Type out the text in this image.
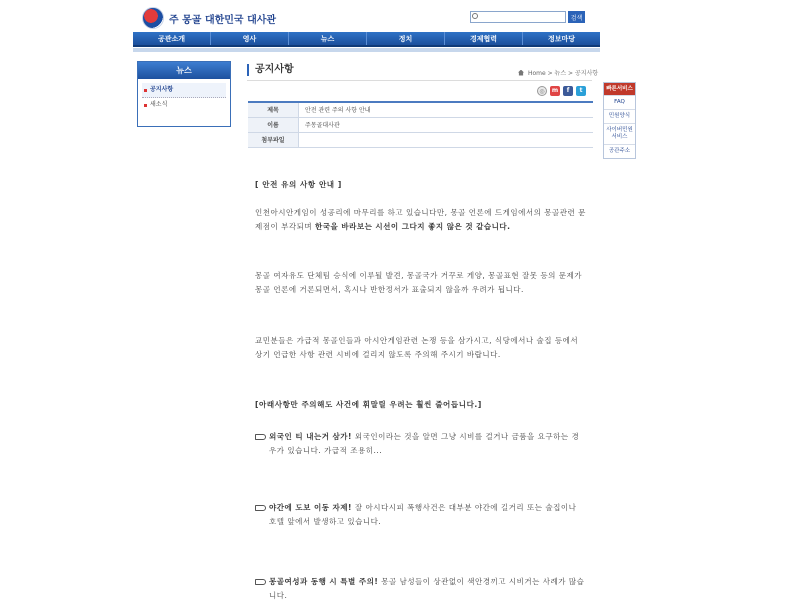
주 몽골 대한민국 대사관	검색
공관소개	영사	뉴스	정치	경제협력	정보마당
뉴스
공지사항
새소식
공지사항	Home > 뉴스 > 공지사항
◎	m	f	t
제목	안전 관련 주의 사항 안내
이름	주몽골대사관
첨부파일
[ 안전 유의 사항 안내 ]
인천아시안게임이 성공리에 마무리를 하고 있습니다만, 몽골 언론에 드게임에서의 몽골관련 문제점이 부각되며 한국을 바라보는 시선이 그다지 좋지 않은 것 같습니다.
몽골 여자유도 단체팀 승식에 이루될 발견, 몽골국가 거꾸로 게양, 몽골표현 잘못 등의 문제가 몽골 언론에 거론되면서, 혹시나 반한정서가 표출되지 않을까 우려가 됩니다.
교민분들은 가급적 몽골인들과 아시안게임관련 논쟁 등을 삼가시고, 식당에서나 술집 등에서 상기 언급한 사항 관련 시비에 걸리지 않도록 주의해 주시기 바랍니다.
[아래사항만 주의해도 사건에 휘말릴 우려는 훨씬 줄어듭니다.]
외국인 티 내는거 삼가! 외국인이라는 것을 알면 그냥 시비를 걸거나 금품을 요구하는 경우가 있습니다. 가급적 조용히...
야간에 도보 이동 자제! 잘 아시다시피 폭행사건은 대부분 야간에 길거리 또는 술집이나 호텔 앞에서 발생하고 있습니다.
몽골여성과 동행 시 특별 주의! 몽골 남성들이 상관없이 색안경끼고 시비거는 사례가 많습니다.
빠른서비스
FAQ
민원양식
사이버민원 서비스
공관주소
